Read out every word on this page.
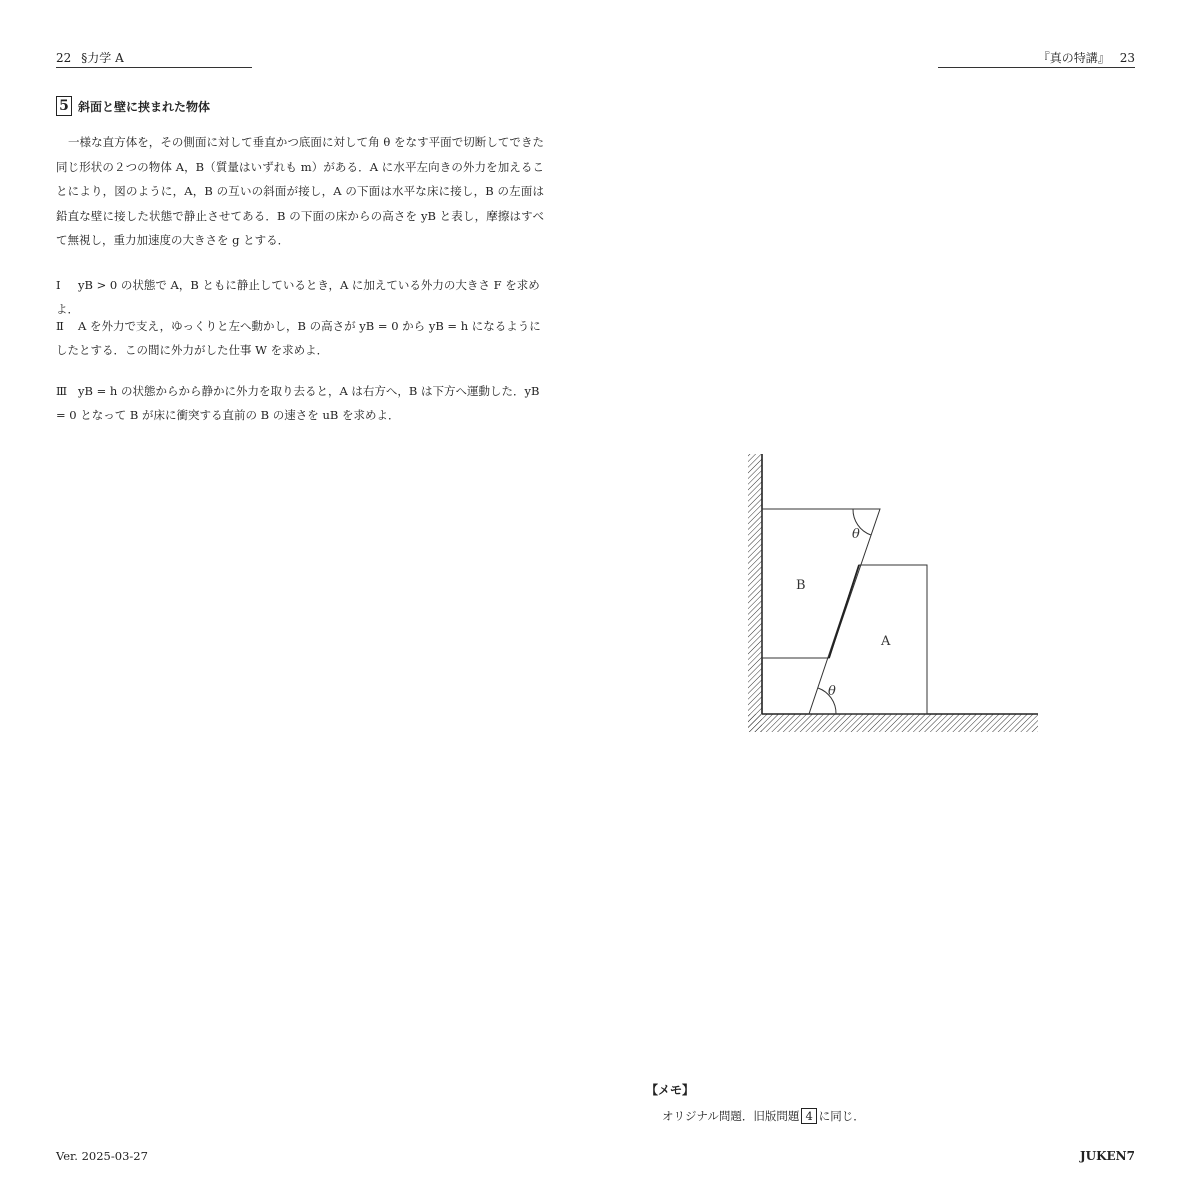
22 §力学 A	『真の特講』 23
5 斜面と壁に挟まれた物体
一様な直方体を，その側面に対して垂直かつ底面に対して角 θ をなす平面で切断してできた同じ形状の２つの物体 A，B（質量はいずれも m）がある．A に水平左向きの外力を加えることにより，図のように，A，B の互いの斜面が接し，A の下面は水平な床に接し，B の左面は鉛直な壁に接した状態で静止させてある．B の下面の床からの高さを yB と表し，摩擦はすべて無視し，重力加速度の大きさを g とする．
Ⅰ yB > 0 の状態で A，B ともに静止しているとき，A に加えている外力の大きさ F を求めよ．
Ⅱ A を外力で支え，ゆっくりと左へ動かし，B の高さが yB = 0 から yB = h になるようにしたとする．この間に外力がした仕事 W を求めよ．
Ⅲ yB = h の状態からから静かに外力を取り去ると，A は右方へ，B は下方へ運動した．yB = 0 となって B が床に衝突する直前の B の速さを uB を求めよ．
B
A
θ
θ
【メモ】
オリジナル問題．旧版問題 4 に同じ．
Ver. 2025-03-27	JUKEN7
